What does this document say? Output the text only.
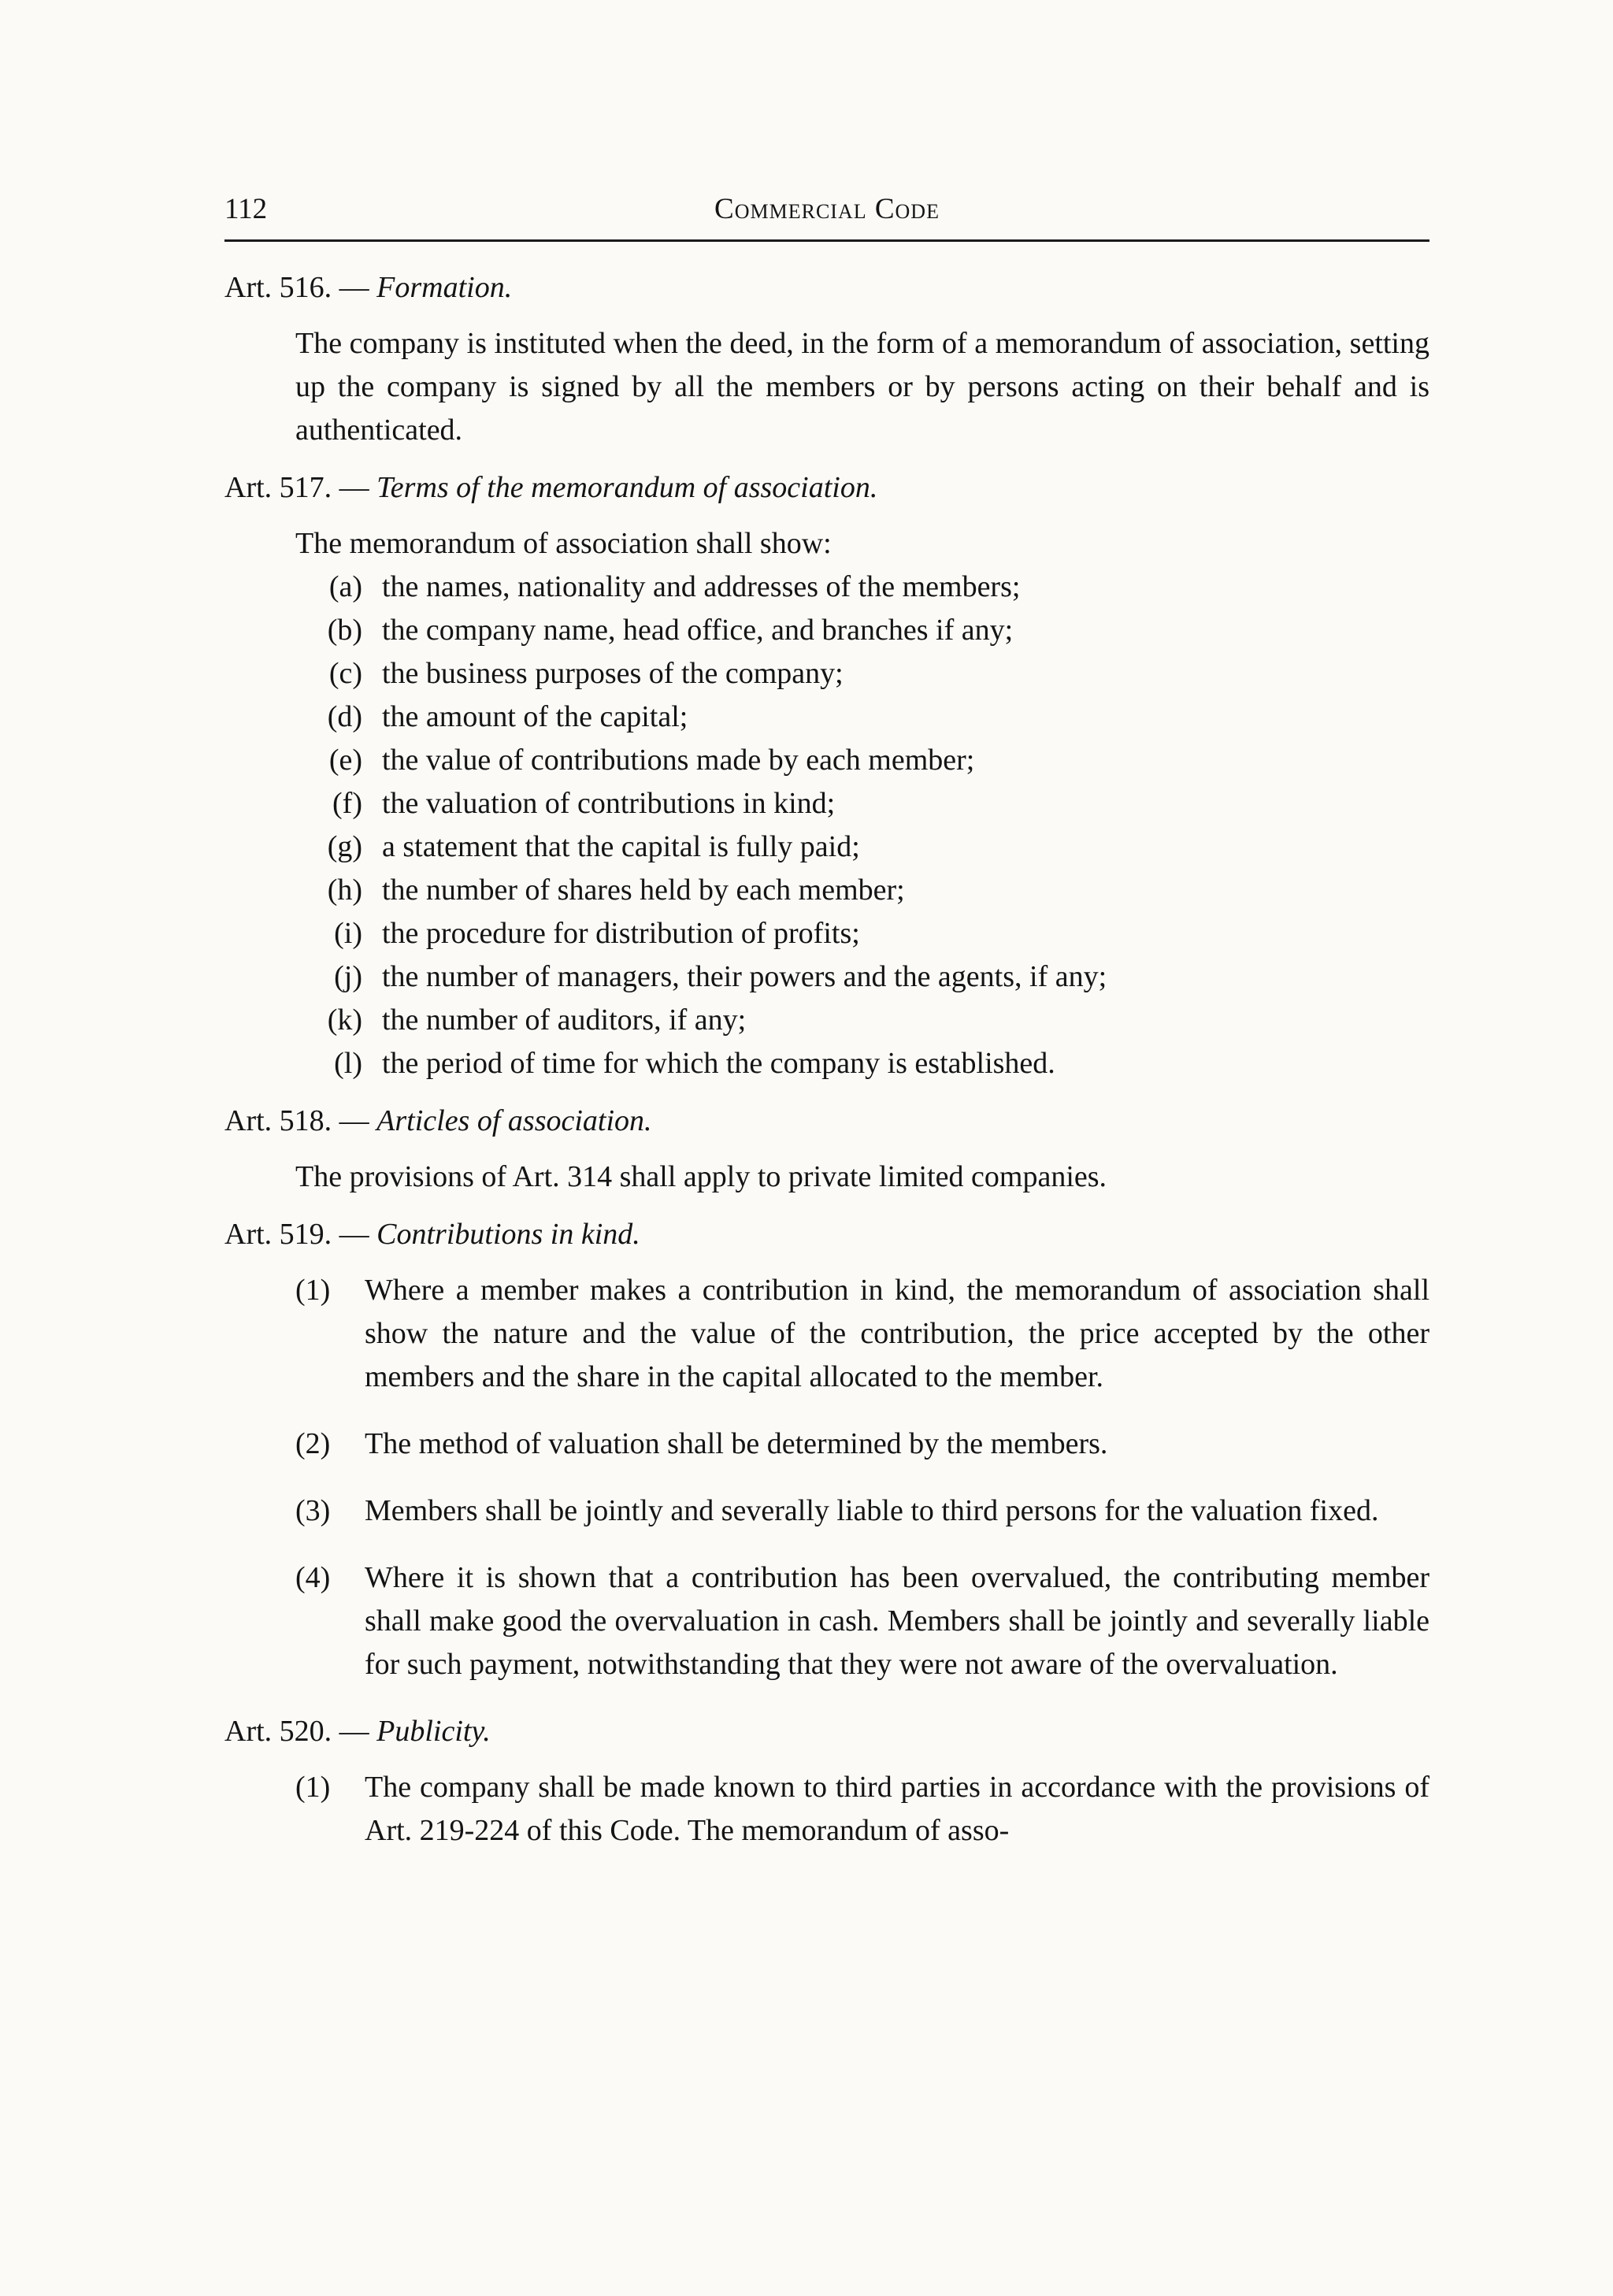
112	Commercial Code
Art. 516. — Formation.

The company is instituted when the deed, in the form of a memorandum of association, setting up the company is signed by all the members or by persons acting on their behalf and is authenticated.

Art. 517. — Terms of the memorandum of association.

The memorandum of association shall show:

(a) the names, nationality and addresses of the members;
(b) the company name, head office, and branches if any;
(c) the business purposes of the company;
(d) the amount of the capital;
(e) the value of contributions made by each member;
(f) the valuation of contributions in kind;
(g) a statement that the capital is fully paid;
(h) the number of shares held by each member;
(i) the procedure for distribution of profits;
(j) the number of managers, their powers and the agents, if any;
(k) the number of auditors, if any;
(l) the period of time for which the company is established.
Art. 518. — Articles of association.

The provisions of Art. 314 shall apply to private limited companies.

Art. 519. — Contributions in kind.
(1) Where a member makes a contribution in kind, the memorandum of association shall show the nature and the value of the contribution, the price accepted by the other members and the share in the capital allocated to the member.
(2) The method of valuation shall be determined by the members.
(3) Members shall be jointly and severally liable to third persons for the valuation fixed.
(4) Where it is shown that a contribution has been overvalued, the contributing member shall make good the overvaluation in cash. Members shall be jointly and severally liable for such payment, notwithstanding that they were not aware of the overvaluation.
Art. 520. — Publicity.
(1) The company shall be made known to third parties in accordance with the provisions of Art. 219-224 of this Code. The memorandum of asso-
